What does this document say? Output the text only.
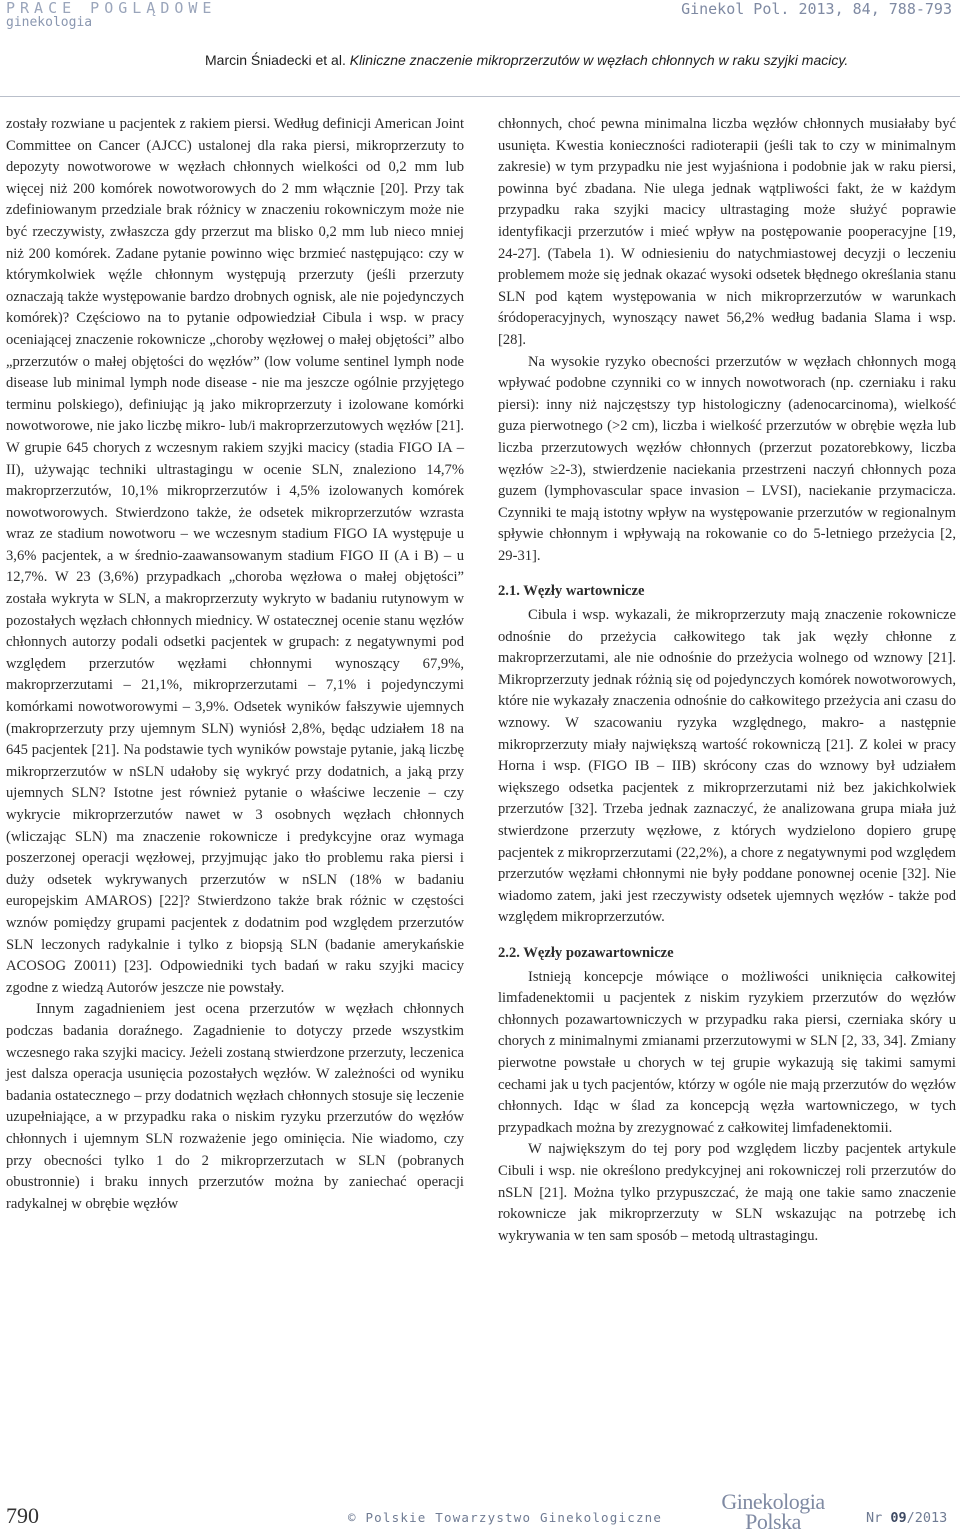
PRACE POGLĄDOWE
ginekologia
Ginekol Pol. 2013, 84, 788-793
Marcin Śniadecki et al. Kliniczne znaczenie mikroprzerzutów w węzłach chłonnych w raku szyjki macicy.

zostały rozwiane u pacjentek z rakiem piersi. Według definicji American Joint Committee on Cancer (AJCC) ustalonej dla raka piersi, mikroprzerzuty to depozyty nowotworowe w węzłach chłonnych wielkości od 0,2 mm lub więcej niż 200 komórek nowotworowych do 2 mm włącznie [20]. Przy tak zdefiniowanym przedziale brak różnicy w znaczeniu rokowniczym może nie być rzeczywisty, zwłaszcza gdy przerzut ma blisko 0,2 mm lub nieco mniej niż 200 komórek. Zadane pytanie powinno więc brzmieć następująco: czy w którymkolwiek węźle chłonnym występują przerzuty (jeśli przerzuty oznaczają także występowanie bardzo drobnych ognisk, ale nie pojedynczych komórek)? Częściowo na to pytanie odpowiedział Cibula i wsp. w pracy oceniającej znaczenie rokownicze „choroby węzłowej o małej objętości” albo „przerzutów o małej objętości do węzłów” (low volume sentinel lymph node disease lub minimal lymph node disease - nie ma jeszcze ogólnie przyjętego terminu polskiego), definiując ją jako mikroprzerzuty i izolowane komórki nowotworowe, nie jako liczbę mikro- lub/i makroprzerzutowych węzłów [21]. W grupie 645 chorych z wczesnym rakiem szyjki macicy (stadia FIGO IA – II), używając techniki ultrastagingu w ocenie SLN, znaleziono 14,7% makroprzerzutów, 10,1% mikroprzerzutów i 4,5% izolowanych komórek nowotworowych. Stwierdzono także, że odsetek mikroprzerzutów wzrasta wraz ze stadium nowotworu – we wczesnym stadium FIGO IA występuje u 3,6% pacjentek, a w średnio-zaawansowanym stadium FIGO II (A i B) – u 12,7%. W 23 (3,6%) przypadkach „choroba węzłowa o małej objętości” została wykryta w SLN, a makroprzerzuty wykryto w badaniu rutynowym w pozostałych węzłach chłonnych miednicy. W ostatecznej ocenie stanu węzłów chłonnych autorzy podali odsetki pacjentek w grupach: z negatywnymi pod względem przerzutów węzłami chłonnymi wynoszący 67,9%, makroprzerzutami – 21,1%, mikroprzerzutami – 7,1% i pojedynczymi komórkami nowotworowymi – 3,9%. Odsetek wyników fałszywie ujemnych (makroprzerzuty przy ujemnym SLN) wyniósł 2,8%, będąc udziałem 18 na 645 pacjentek [21]. Na podstawie tych wyników powstaje pytanie, jaką liczbę mikroprzerzutów w nSLN udałoby się wykryć przy dodatnich, a jaką przy ujemnych SLN? Istotne jest również pytanie o właściwe leczenie – czy wykrycie mikroprzerzutów nawet w 3 osobnych węzłach chłonnych (wliczając SLN) ma znaczenie rokownicze i predykcyjne oraz wymaga poszerzonej operacji węzłowej, przyjmując jako tło problemu raka piersi i duży odsetek wykrywanych przerzutów w nSLN (18% w badaniu europejskim AMAROS) [22]? Stwierdzono także brak różnic w częstości wznów pomiędzy grupami pacjentek z dodatnim pod względem przerzutów SLN leczonych radykalnie i tylko z biopsją SLN (badanie amerykańskie ACOSOG Z0011) [23]. Odpowiedniki tych badań w raku szyjki macicy zgodne z wiedzą Autorów jeszcze nie powstały.

Innym zagadnieniem jest ocena przerzutów w węzłach chłonnych podczas badania doraźnego. Zagadnienie to dotyczy przede wszystkim wczesnego raka szyjki macicy. Jeżeli zostaną stwierdzone przerzuty, leczenica jest dalsza operacja usunięcia pozostałych węzłów. W zależności od wyniku badania ostatecznego – przy dodatnich węzłach chłonnych stosuje się leczenie uzupełniające, a w przypadku raka o niskim ryzyku przerzutów do węzłów chłonnych i ujemnym SLN rozważenie jego ominięcia. Nie wiadomo, czy przy obecności tylko 1 do 2 mikroprzerzutach w SLN (pobranych obustronnie) i braku innych przerzutów można by zaniechać operacji radykalnej w obrębie węzłów

chłonnych, choć pewna minimalna liczba węzłów chłonnych musiałaby być usunięta. Kwestia konieczności radioterapii (jeśli tak to czy w minimalnym zakresie) w tym przypadku nie jest wyjaśniona i podobnie jak w raku piersi, powinna być zbadana. Nie ulega jednak wątpliwości fakt, że w każdym przypadku raka szyjki macicy ultrastaging może służyć poprawie identyfikacji przerzutów i mieć wpływ na postępowanie pooperacyjne [19, 24-27]. (Tabela 1). W odniesieniu do natychmiastowej decyzji o leczeniu problemem może się jednak okazać wysoki odsetek błędnego określania stanu SLN pod kątem występowania w nich mikroprzerzutów w warunkach śródoperacyjnych, wynoszący nawet 56,2% według badania Slama i wsp. [28].

Na wysokie ryzyko obecności przerzutów w węzłach chłonnych mogą wpływać podobne czynniki co w innych nowotworach (np. czerniaku i raku piersi): inny niż najczęstszy typ histologiczny (adenocarcinoma), wielkość guza pierwotnego (>2 cm), liczba i wielkość przerzutów w obrębie węzła lub liczba przerzutowych węzłów chłonnych (przerzut pozatorebkowy, liczba węzłów ≥2-3), stwierdzenie naciekania przestrzeni naczyń chłonnych poza guzem (lymphovascular space invasion – LVSI), naciekanie przymacicza. Czynniki te mają istotny wpływ na występowanie przerzutów w regionalnym spływie chłonnym i wpływają na rokowanie co do 5-letniego przeżycia [2, 29-31].

2.1. Węzły wartownicze

Cibula i wsp. wykazali, że mikroprzerzuty mają znaczenie rokownicze odnośnie do przeżycia całkowitego tak jak węzły chłonne z makroprzerzutami, ale nie odnośnie do przeżycia wolnego od wznowy [21]. Mikroprzerzuty jednak różnią się od pojedynczych komórek nowotworowych, które nie wykazały znaczenia odnośnie do całkowitego przeżycia ani czasu do wznowy. W szacowaniu ryzyka względnego, makro- a następnie mikroprzerzuty miały największą wartość rokowniczą [21]. Z kolei w pracy Horna i wsp. (FIGO IB – IIB) skrócony czas do wznowy był udziałem większego odsetka pacjentek z mikroprzerzutami niż bez jakichkolwiek przerzutów [32]. Trzeba jednak zaznaczyć, że analizowana grupa miała już stwierdzone przerzuty węzłowe, z których wydzielono dopiero grupę pacjentek z mikroprzerzutami (22,2%), a chore z negatywnymi pod względem przerzutów węzłami chłonnymi nie były poddane ponownej ocenie [32]. Nie wiadomo zatem, jaki jest rzeczywisty odsetek ujemnych węzłów - także pod względem mikroprzerzutów.

2.2. Węzły pozawartownicze

Istnieją koncepcje mówiące o możliwości uniknięcia całkowitej limfadenektomii u pacjentek z niskim ryzykiem przerzutów do węzłów chłonnych pozawartowniczych w przypadku raka piersi, czerniaka skóry u chorych z minimalnymi zmianami przerzutowymi w SLN [2, 33, 34]. Zmiany pierwotne powstałe u chorych w tej grupie wykazują się takimi samymi cechami jak u tych pacjentów, którzy w ogóle nie mają przerzutów do węzłów chłonnych. Idąc w ślad za koncepcją węzła wartowniczego, w tych przypadkach można by zrezygnować z całkowitej limfadenektomii.

W największym do tej pory pod względem liczby pacjentek artykule Cibuli i wsp. nie określono predykcyjnej ani rokowniczej roli przerzutów do nSLN [21]. Można tylko przypuszczać, że mają one takie samo znaczenie rokownicze jak mikroprzerzuty w SLN wskazując na potrzebę ich wykrywania w ten sam sposób – metodą ultrastagingu.

790	© Polskie Towarzystwo Ginekologiczne
Ginekologia
Polska	Nr 09/2013
